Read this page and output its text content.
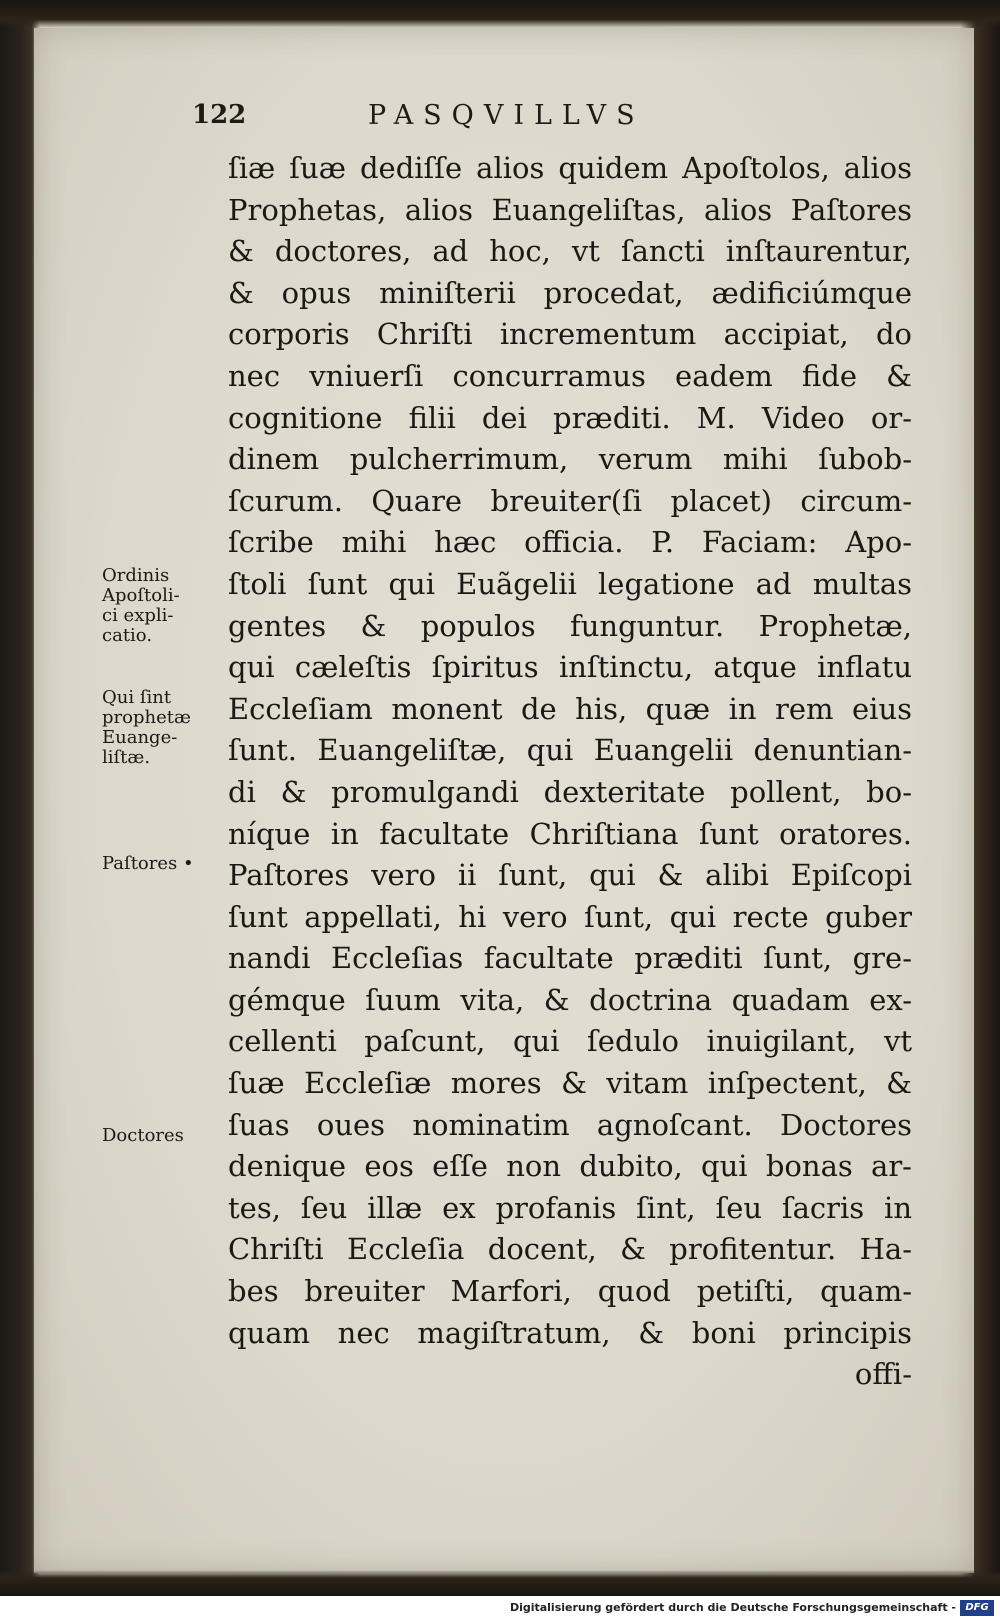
122	PASQVILLVS
ſiæ ſuæ dediſſe alios quidem Apoſtolos, alios
Prophetas, alios Euangeliſtas, alios Paſtores
& doctores, ad hoc, vt ſancti inſtaurentur,
& opus miniſterii procedat, ædificiúmque
corporis Chriſti incrementum accipiat, do
nec vniuerſi concurramus eadem fide &
cognitione filii dei præditi. M. Video or-
dinem pulcherrimum, verum mihi ſubob-
ſcurum. Quare breuiter(ſi placet) circum-
ſcribe mihi hæc officia. P. Faciam: Apo-
ſtoli ſunt qui Euãgelii legatione ad multas
gentes & populos funguntur. Prophetæ,
qui cæleſtis ſpiritus inſtinctu, atque inflatu
Eccleſiam monent de his, quæ in rem eius
ſunt. Euangeliſtæ, qui Euangelii denuntian-
di & promulgandi dexteritate pollent, bo-
níque in facultate Chriſtiana ſunt oratores.
Paſtores vero ii ſunt, qui & alibi Epiſcopi
ſunt appellati, hi vero ſunt, qui recte guber
nandi Eccleſias facultate præditi ſunt, gre-
gémque ſuum vita, & doctrina quadam ex-
cellenti paſcunt, qui ſedulo inuigilant, vt
ſuæ Eccleſiæ mores & vitam inſpectent, &
ſuas oues nominatim agnoſcant. Doctores
denique eos eſſe non dubito, qui bonas ar-
tes, ſeu illæ ex profanis ſint, ſeu ſacris in
Chriſti Eccleſia docent, & profitentur. Ha-
bes breuiter Marfori, quod petiſti, quam-
quam nec magiſtratum, & boni principis
offi-
Ordinis
Apoſtoli-
ci expli-
catio.
Qui ſint
prophetæ
Euange-
liſtæ.
Paſtores •
Doctores
Digitalisierung gefördert durch die Deutsche Forschungsgemeinschaft - DFG
